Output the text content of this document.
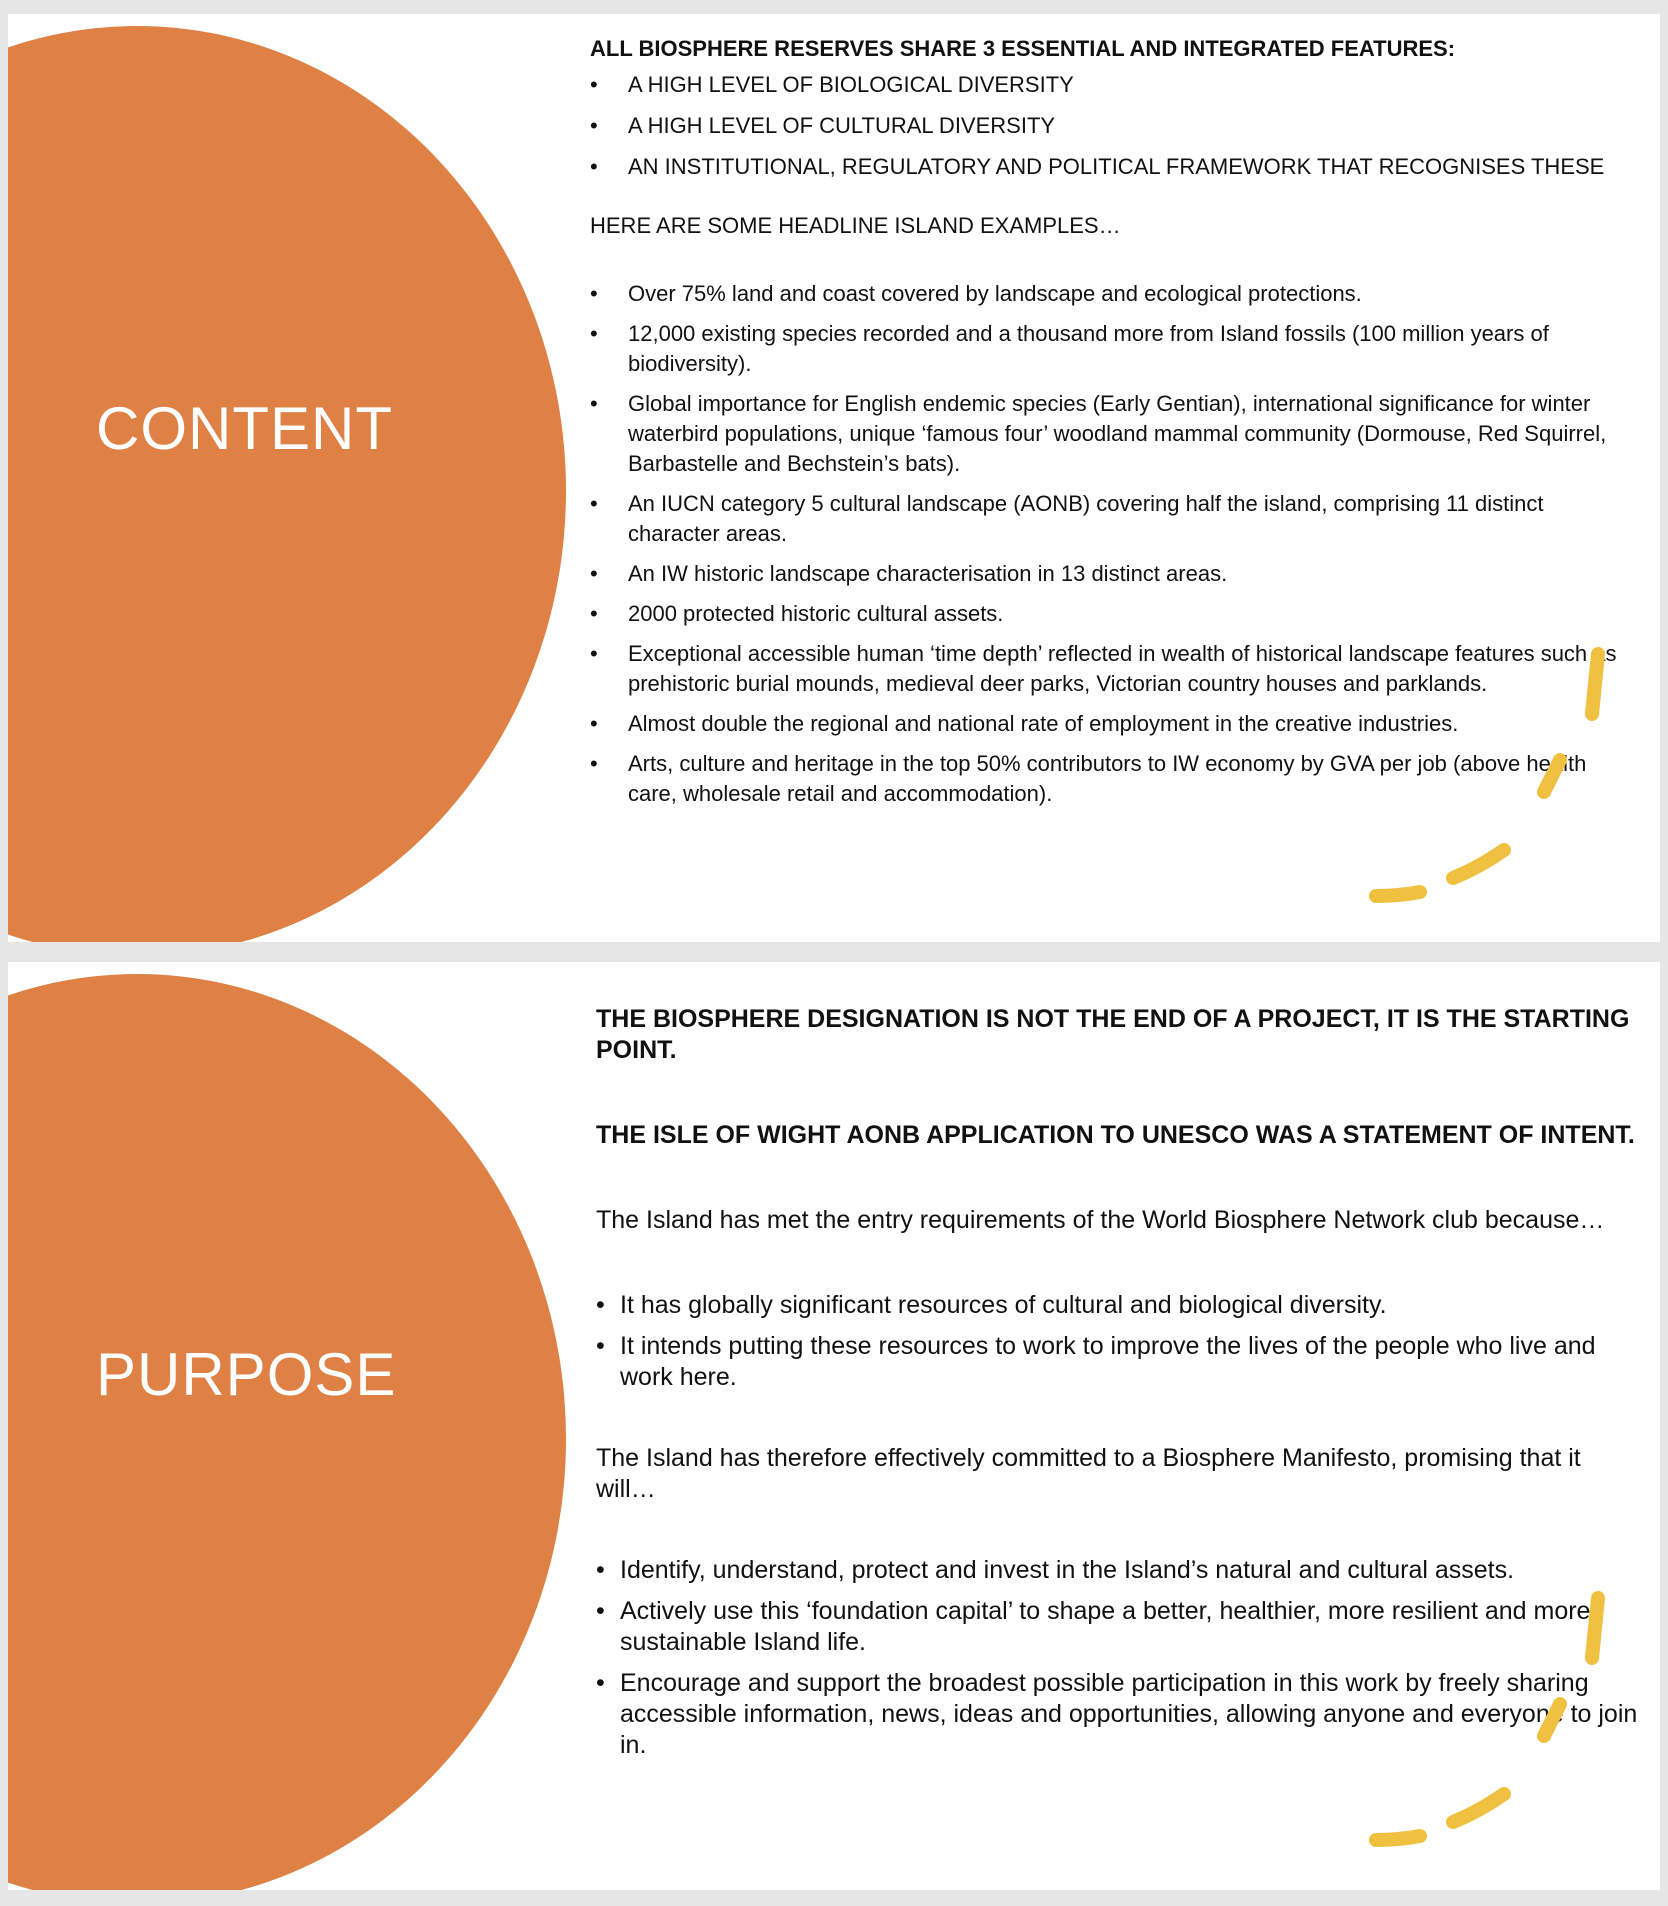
CONTENT

ALL BIOSPHERE RESERVES SHARE 3 ESSENTIAL AND INTEGRATED FEATURES:

• A HIGH LEVEL OF BIOLOGICAL DIVERSITY
• A HIGH LEVEL OF CULTURAL DIVERSITY
• AN INSTITUTIONAL, REGULATORY AND POLITICAL FRAMEWORK THAT RECOGNISES THESE

HERE ARE SOME HEADLINE ISLAND EXAMPLES…

• Over 75% land and coast covered by landscape and ecological protections.
• 12,000 existing species recorded and a thousand more from Island fossils (100 million years of biodiversity).
• Global importance for English endemic species (Early Gentian), international significance for winter waterbird populations, unique ‘famous four’ woodland mammal community (Dormouse, Red Squirrel, Barbastelle and Bechstein’s bats).
• An IUCN category 5 cultural landscape (AONB) covering half the island, comprising 11 distinct character areas.
• An IW historic landscape characterisation in 13 distinct areas.
• 2000 protected historic cultural assets.
• Exceptional accessible human ‘time depth’ reflected in wealth of historical landscape features such as prehistoric burial mounds, medieval deer parks, Victorian country houses and parklands.
• Almost double the regional and national rate of employment in the creative industries.
• Arts, culture and heritage in the top 50% contributors to IW economy by GVA per job (above health care, wholesale retail and accommodation).
PURPOSE

THE BIOSPHERE DESIGNATION IS NOT THE END OF A PROJECT, IT IS THE STARTING POINT.

THE ISLE OF WIGHT AONB APPLICATION TO UNESCO WAS A STATEMENT OF INTENT.

The Island has met the entry requirements of the World Biosphere Network club because…

• It has globally significant resources of cultural and biological diversity.
• It intends putting these resources to work to improve the lives of the people who live and work here.

The Island has therefore effectively committed to a Biosphere Manifesto, promising that it will…

• Identify, understand, protect and invest in the Island’s natural and cultural assets.
• Actively use this ‘foundation capital’ to shape a better, healthier, more resilient and more sustainable Island life.
• Encourage and support the broadest possible participation in this work by freely sharing accessible information, news, ideas and opportunities, allowing anyone and everyone to join in.
